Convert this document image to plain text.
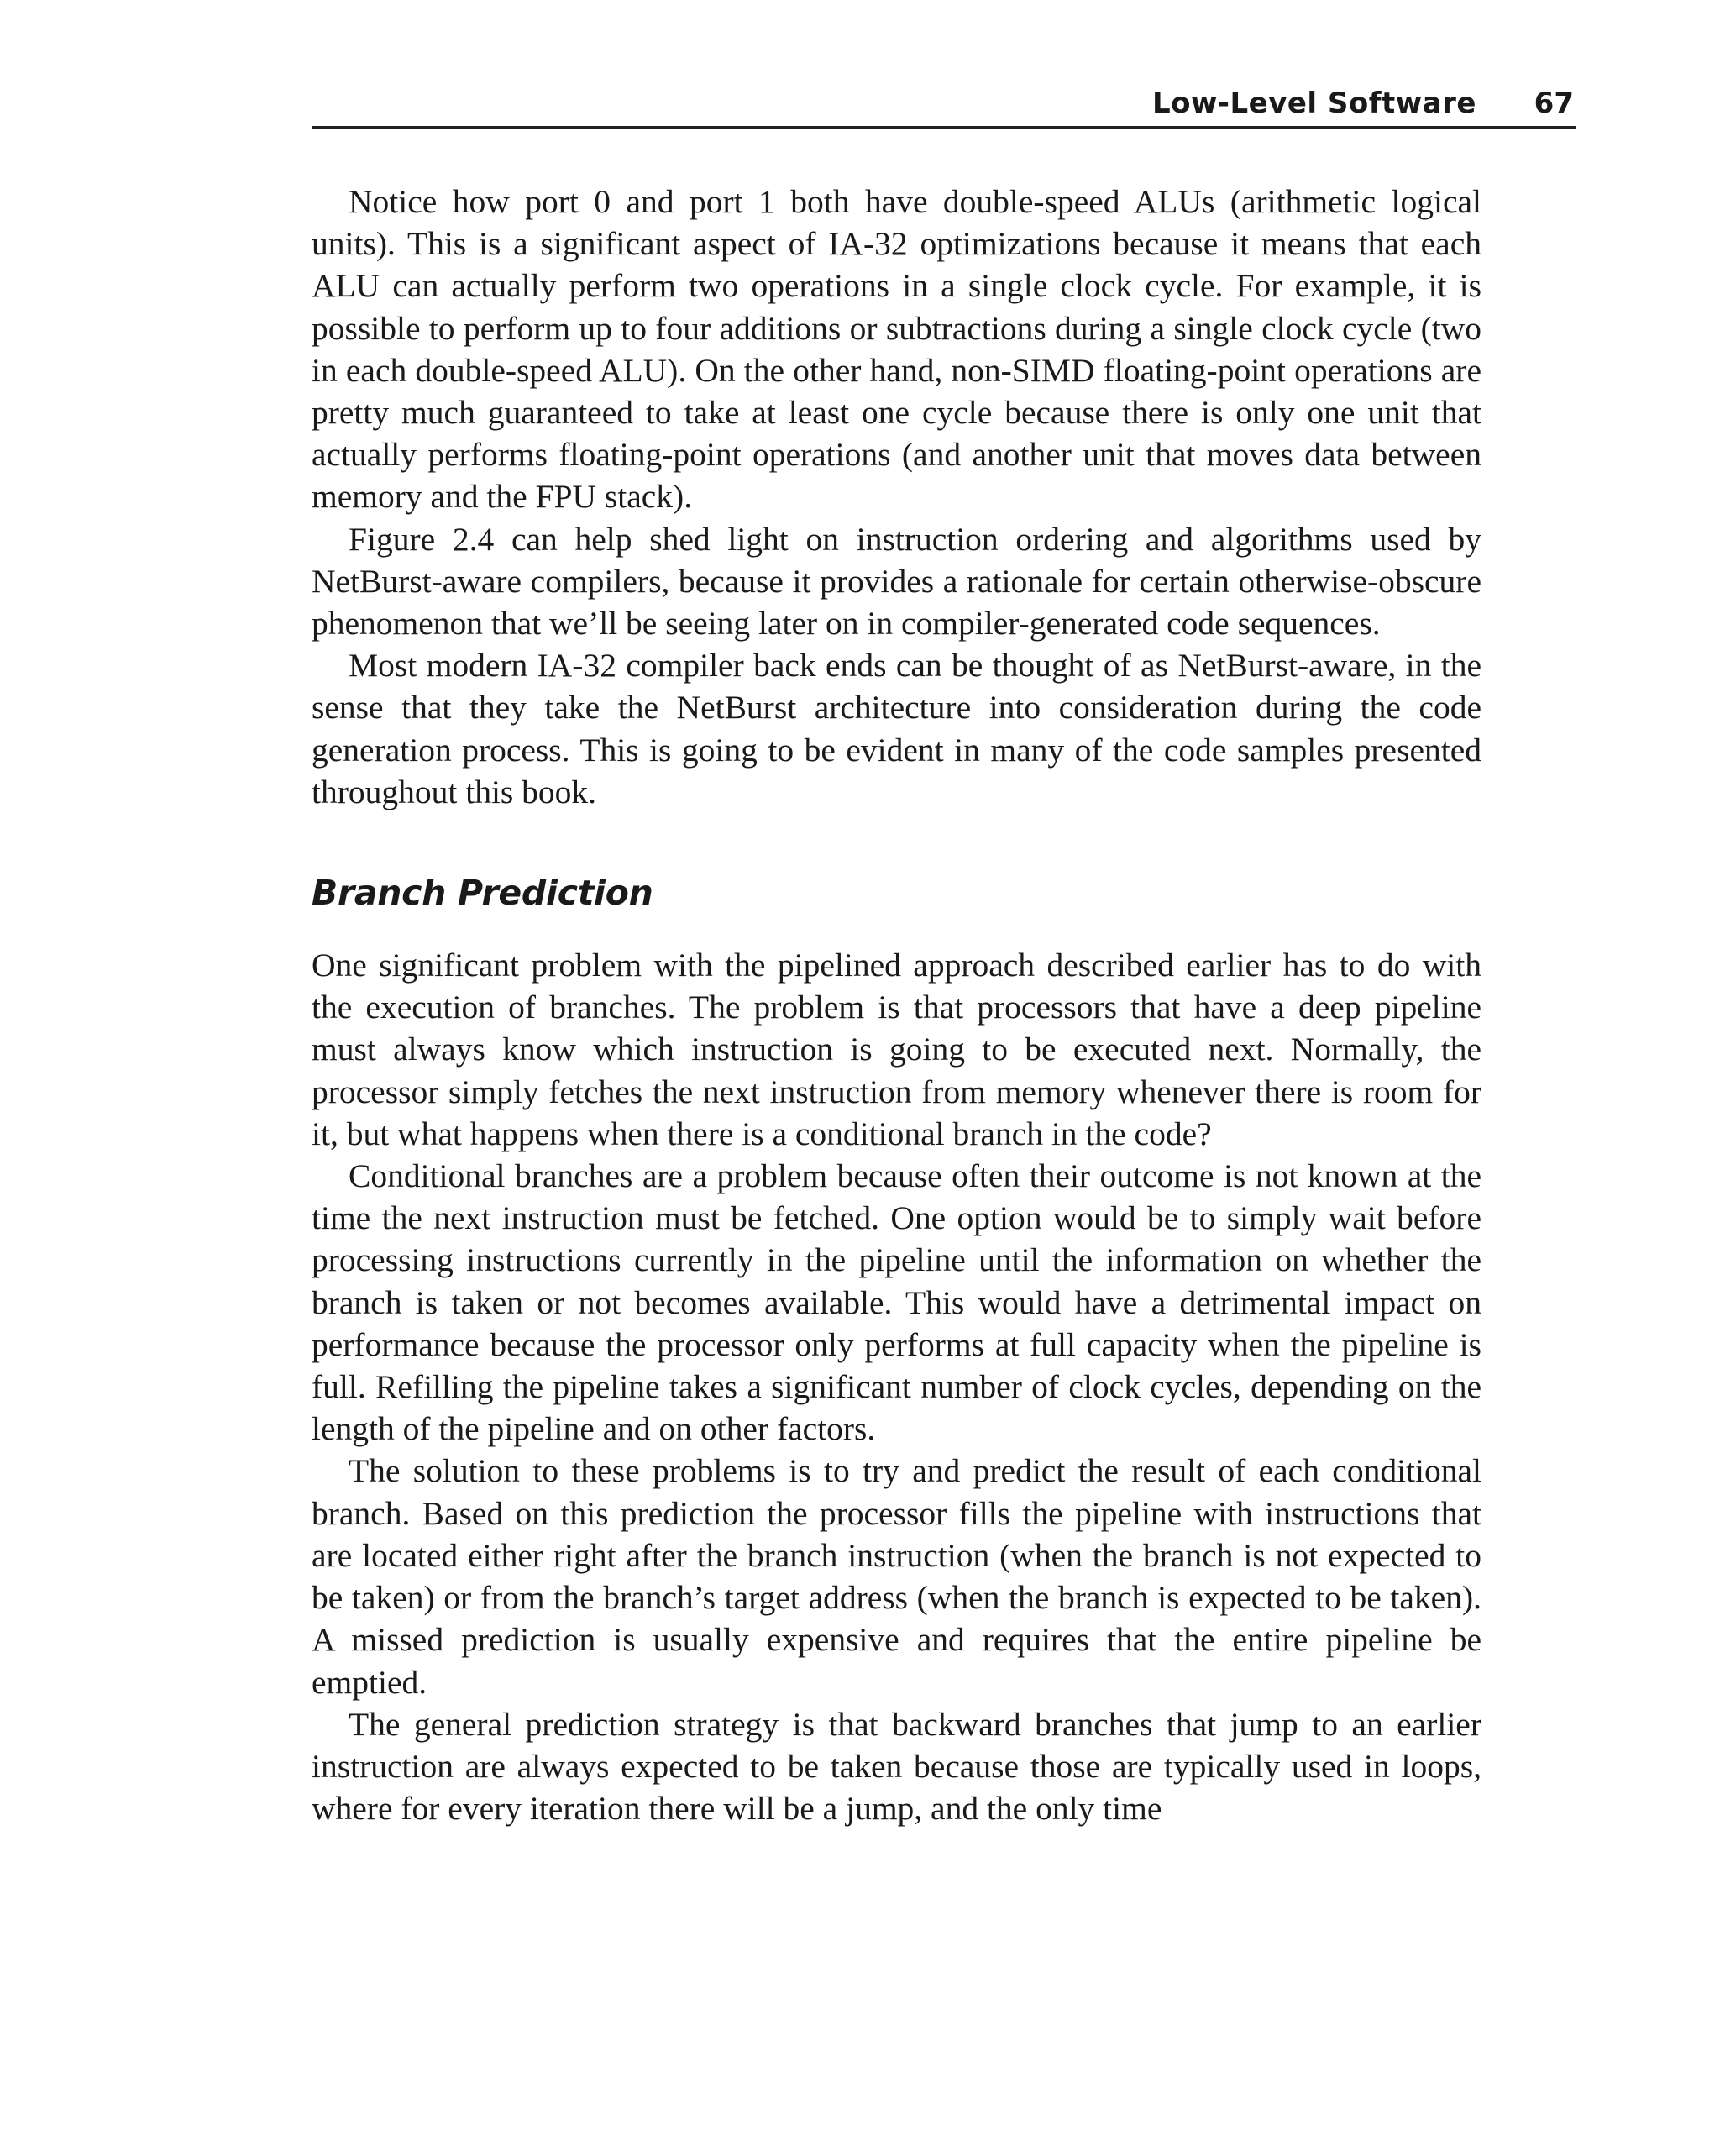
Low-Level Software 67

Notice how port 0 and port 1 both have double-speed ALUs (arithmetic logical units). This is a significant aspect of IA-32 optimizations because it means that each ALU can actually perform two operations in a single clock cycle. For example, it is possible to perform up to four additions or subtractions during a single clock cycle (two in each double-speed ALU). On the other hand, non-SIMD floating-point operations are pretty much guaranteed to take at least one cycle because there is only one unit that actually performs floating-point operations (and another unit that moves data between memory and the FPU stack).

Figure 2.4 can help shed light on instruction ordering and algorithms used by NetBurst-aware compilers, because it provides a rationale for certain otherwise-obscure phenomenon that we’ll be seeing later on in compiler-generated code sequences.

Most modern IA-32 compiler back ends can be thought of as NetBurst-aware, in the sense that they take the NetBurst architecture into consideration during the code generation process. This is going to be evident in many of the code samples presented throughout this book.

Branch Prediction

One significant problem with the pipelined approach described earlier has to do with the execution of branches. The problem is that processors that have a deep pipeline must always know which instruction is going to be executed next. Normally, the processor simply fetches the next instruction from memory whenever there is room for it, but what happens when there is a conditional branch in the code?

Conditional branches are a problem because often their outcome is not known at the time the next instruction must be fetched. One option would be to simply wait before processing instructions currently in the pipeline until the information on whether the branch is taken or not becomes available. This would have a detrimental impact on performance because the processor only performs at full capacity when the pipeline is full. Refilling the pipeline takes a significant number of clock cycles, depending on the length of the pipeline and on other factors.

The solution to these problems is to try and predict the result of each conditional branch. Based on this prediction the processor fills the pipeline with instructions that are located either right after the branch instruction (when the branch is not expected to be taken) or from the branch’s target address (when the branch is expected to be taken). A missed prediction is usually expensive and requires that the entire pipeline be emptied.

The general prediction strategy is that backward branches that jump to an earlier instruction are always expected to be taken because those are typically used in loops, where for every iteration there will be a jump, and the only time
